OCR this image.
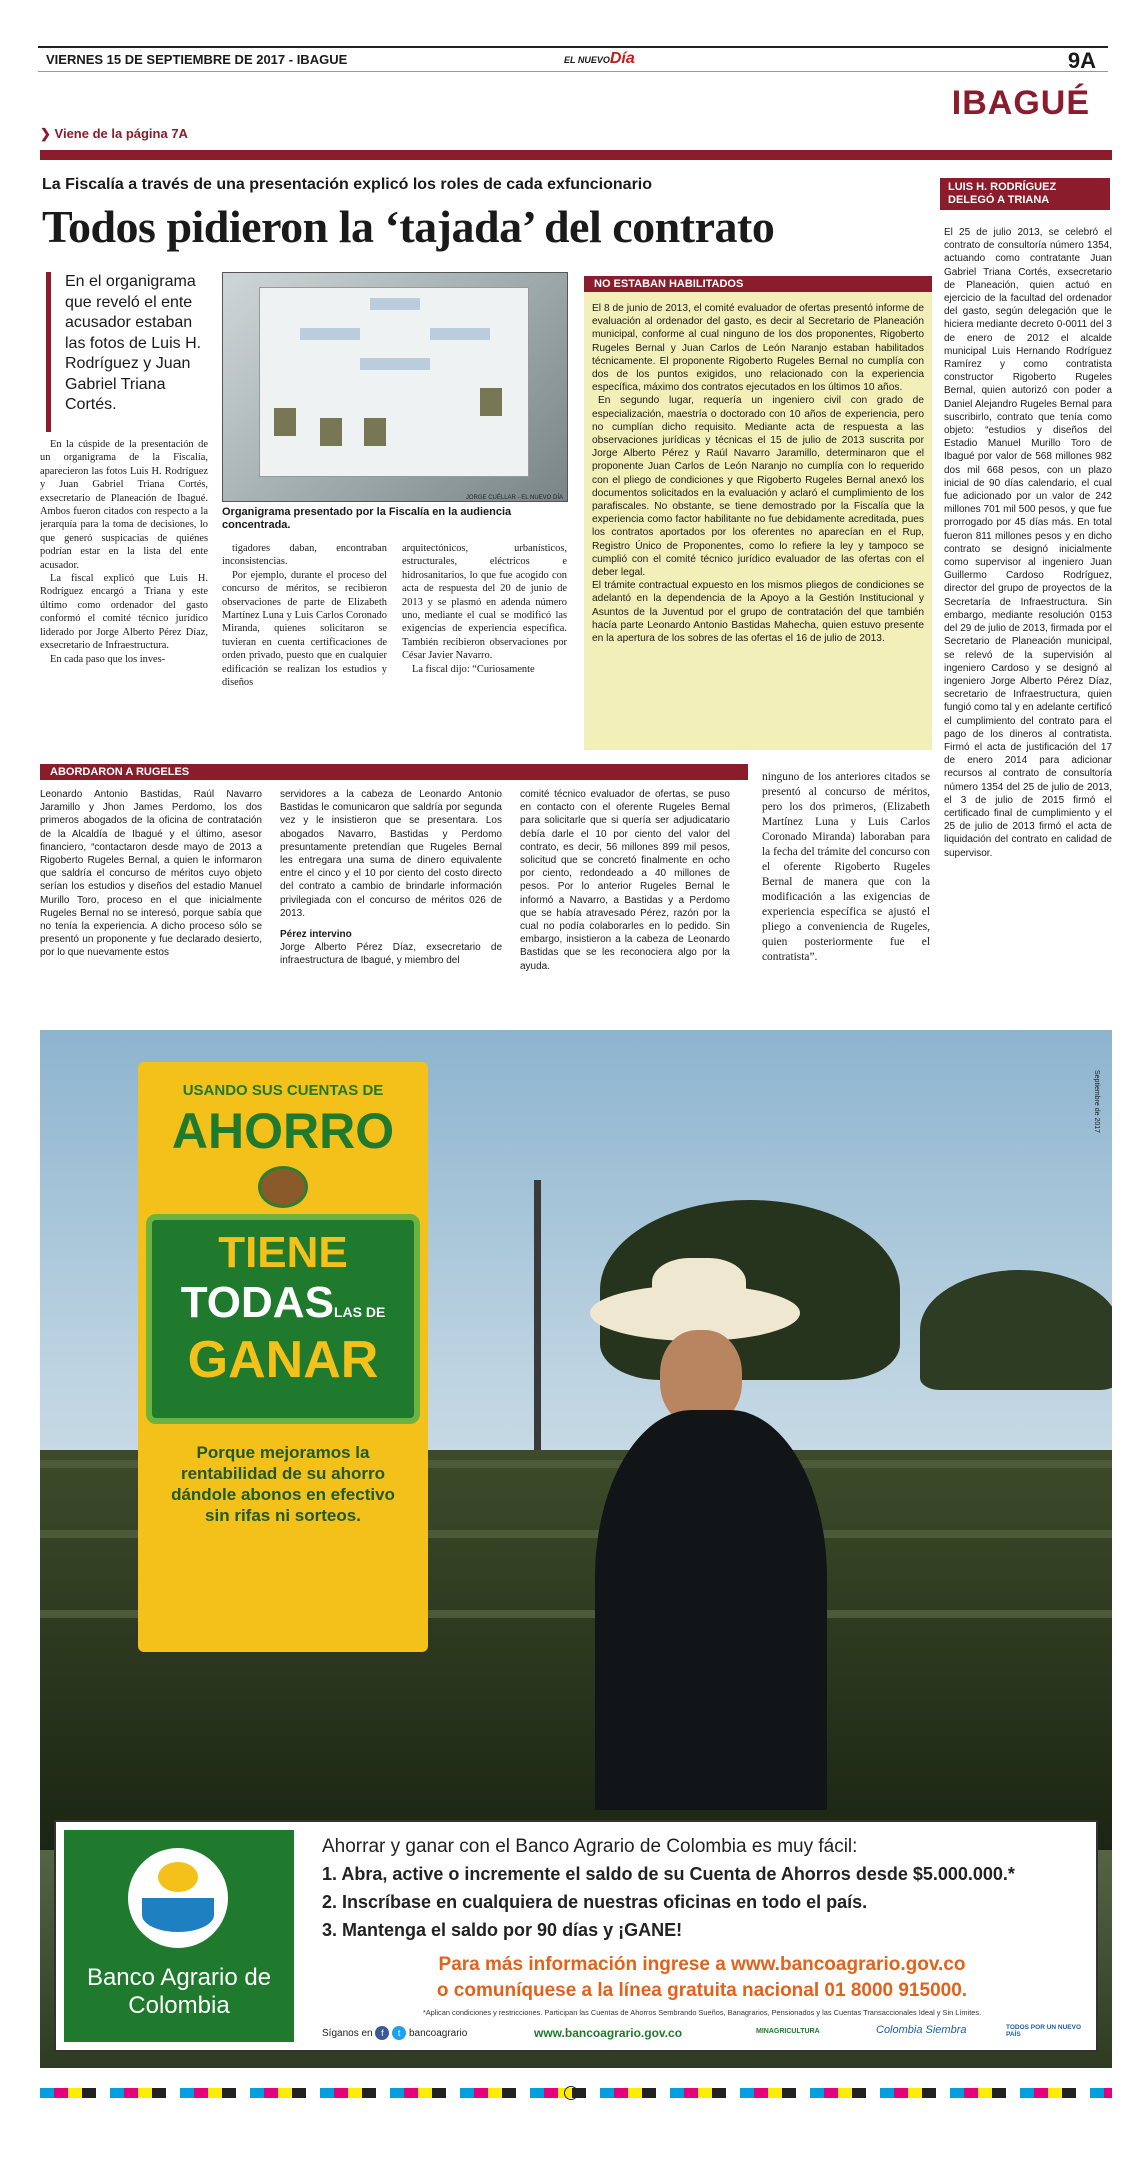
VIERNES 15 DE SEPTIEMBRE DE 2017 - IBAGUE	EL NUEVODía	9A
IBAGUÉ
❯ Viene de la página 7A
La Fiscalía a través de una presentación explicó los roles de cada exfuncionario
Todos pidieron la ‘tajada’ del contrato
En el organigrama que reveló el ente acusador estaban las fotos de Luis H. Rodríguez y Juan Gabriel Triana Cortés.
JORGE CUÉLLAR - EL NUEVO DÍA
Organigrama presentado por la Fiscalía en la audiencia concentrada.

En la cúspide de la presentación de un organigrama de la Fiscalía, aparecieron las fotos Luis H. Rodríguez y Juan Gabriel Triana Cortés, exsecretario de Planeación de Ibagué. Ambos fueron citados con respecto a la jerarquía para la toma de decisiones, lo que generó suspicacias de quiénes podrían estar en la lista del ente acusador.

La fiscal explicó que Luis H. Rodríguez encargó a Triana y este último como ordenador del gasto conformó el comité técnico jurídico liderado por Jorge Alberto Pérez Díaz, exsecretario de Infraestructura.

En cada paso que los inves-

tigadores daban, encontraban inconsistencias.

Por ejemplo, durante el proceso del concurso de méritos, se recibieron observaciones de parte de Elizabeth Martínez Luna y Luis Carlos Coronado Miranda, quienes solicitaron se tuvieran en cuenta certificaciones de orden privado, puesto que en cualquier edificación se realizan los estudios y diseños

arquitectónicos, urbanísticos, estructurales, eléctricos e hidrosanitarios, lo que fue acogido con acta de respuesta del 20 de junio de 2013 y se plasmó en adenda número uno, mediante el cual se modificó las exigencias de experiencia específica. También recibieron observaciones por César Javier Navarro.

La fiscal dijo: “Curiosamente

NO ESTABAN HABILITADOS

El 8 de junio de 2013, el comité evaluador de ofertas presentó informe de evaluación al ordenador del gasto, es decir al Secretario de Planeación municipal, conforme al cual ninguno de los dos proponentes, Rigoberto Rugeles Bernal y Juan Carlos de León Naranjo estaban habilitados técnicamente. El proponente Rigoberto Rugeles Bernal no cumplía con dos de los puntos exigidos, uno relacionado con la experiencia específica, máximo dos contratos ejecutados en los últimos 10 años.

En segundo lugar, requería un ingeniero civil con grado de especialización, maestría o doctorado con 10 años de experiencia, pero no cumplían dicho requisito. Mediante acta de respuesta a las observaciones jurídicas y técnicas el 15 de julio de 2013 suscrita por Jorge Alberto Pérez y Raúl Navarro Jaramillo, determinaron que el proponente Juan Carlos de León Naranjo no cumplía con lo requerido con el pliego de condiciones y que Rigoberto Rugeles Bernal anexó los documentos solicitados en la evaluación y aclaró el cumplimiento de los parafiscales. No obstante, se tiene demostrado por la Fiscalía que la experiencia como factor habilitante no fue debidamente acreditada, pues los contratos aportados por los oferentes no aparecían en el Rup, Registro Único de Proponentes, como lo refiere la ley y tampoco se cumplió con el comité técnico jurídico evaluador de las ofertas con el deber legal.

El trámite contractual expuesto en los mismos pliegos de condiciones se adelantó en la dependencia de la Apoyo a la Gestión Institucional y Asuntos de la Juventud por el grupo de contratación del que también hacía parte Leonardo Antonio Bastidas Mahecha, quien estuvo presente en la apertura de los sobres de las ofertas el 16 de julio de 2013.

LUIS H. RODRÍGUEZ DELEGÓ A TRIANA
El 25 de julio 2013, se celebró el contrato de consultoría número 1354, actuando como contratante Juan Gabriel Triana Cortés, exsecretario de Planeación, quien actuó en ejercicio de la facultad del ordenador del gasto, según delegación que le hiciera mediante decreto 0-0011 del 3 de enero de 2012 el alcalde municipal Luis Hernando Rodríguez Ramírez y como contratista constructor Rigoberto Rugeles Bernal, quien autorizó con poder a Daniel Alejandro Rugeles Bernal para suscribirlo, contrato que tenía como objeto: “estudios y diseños del Estadio Manuel Murillo Toro de Ibagué por valor de 568 millones 982 dos mil 668 pesos, con un plazo inicial de 90 días calendario, el cual fue adicionado por un valor de 242 millones 701 mil 500 pesos, y que fue prorrogado por 45 días más. En total fueron 811 millones pesos y en dicho contrato se designó inicialmente como supervisor al ingeniero Juan Guillermo Cardoso Rodríguez, director del grupo de proyectos de la Secretaría de Infraestructura. Sin embargo, mediante resolución 0153 del 29 de julio de 2013, firmada por el Secretario de Planeación municipal, se relevó de la supervisión al ingeniero Cardoso y se designó al ingeniero Jorge Alberto Pérez Díaz, secretario de Infraestructura, quien fungió como tal y en adelante certificó el cumplimiento del contrato para el pago de los dineros al contratista. Firmó el acta de justificación del 17 de enero 2014 para adicionar recursos al contrato de consultoría número 1354 del 25 de julio de 2013, el 3 de julio de 2015 firmó el certificado final de cumplimiento y el 25 de julio de 2013 firmó el acta de liquidación del contrato en calidad de supervisor.
ABORDARON A RUGELES
Leonardo Antonio Bastidas, Raúl Navarro Jaramillo y Jhon James Perdomo, los dos primeros abogados de la oficina de contratación de la Alcaldía de Ibagué y el último, asesor financiero, “contactaron desde mayo de 2013 a Rigoberto Rugeles Bernal, a quien le informaron que saldría el concurso de méritos cuyo objeto serían los estudios y diseños del estadio Manuel Murillo Toro, proceso en el que inicialmente Rugeles Bernal no se interesó, porque sabía que no tenía la experiencia. A dicho proceso sólo se presentó un proponente y fue declarado desierto, por lo que nuevamente estos

servidores a la cabeza de Leonardo Antonio Bastidas le comunicaron que saldría por segunda vez y le insistieron que se presentara. Los abogados Navarro, Bastidas y Perdomo presuntamente pretendían que Rugeles Bernal les entregara una suma de dinero equivalente entre el cinco y el 10 por ciento del costo directo del contrato a cambio de brindarle información privilegiada con el concurso de méritos 026 de 2013.

Pérez intervino

Jorge Alberto Pérez Díaz, exsecretario de infraestructura de Ibagué, y miembro del

comité técnico evaluador de ofertas, se puso en contacto con el oferente Rugeles Bernal para solicitarle que si quería ser adjudicatario debía darle el 10 por ciento del valor del contrato, es decir, 56 millones 899 mil pesos, solicitud que se concretó finalmente en ocho por ciento, redondeado a 40 millones de pesos. Por lo anterior Rugeles Bernal le informó a Navarro, a Bastidas y a Perdomo que se había atravesado Pérez, razón por la cual no podía colaborarles en lo pedido. Sin embargo, insistieron a la cabeza de Leonardo Bastidas que se les reconociera algo por la ayuda.
ninguno de los anteriores citados se presentó al concurso de méritos, pero los dos primeros, (Elizabeth Martínez Luna y Luis Carlos Coronado Miranda) laboraban para la fecha del trámite del concurso con el oferente Rigoberto Rugeles Bernal de manera que con la modificación a las exigencias de experiencia específica se ajustó el pliego a conveniencia de Rugeles, quien posteriormente fue el contratista”.
USANDO SUS CUENTAS DE
AHORRO
TIENE
TODASLAS DE
GANAR
Porque mejoramos la rentabilidad de su ahorro dándole abonos en efectivo sin rifas ni sorteos.
Septiembre de 2017
Banco Agrario de Colombia
Ahorrar y ganar con el Banco Agrario de Colombia es muy fácil:
1. Abra, active o incremente el saldo de su Cuenta de Ahorros desde $5.000.000.*
2. Inscríbase en cualquiera de nuestras oficinas en todo el país.
3. Mantenga el saldo por 90 días y ¡GANE!
Para más información ingrese a www.bancoagrario.gov.co
o comuníquese a la línea gratuita nacional 01 8000 915000.
*Aplican condiciones y restricciones. Participan las Cuentas de Ahorros Sembrando Sueños, Banagrarios, Pensionados y las Cuentas Transaccionales Ideal y Sin Límites.
Síganos en f t bancoagrario	www.bancoagrario.gov.co	MINAGRICULTURA	Colombia Siembra	TODOS POR UN NUEVO PAÍS
